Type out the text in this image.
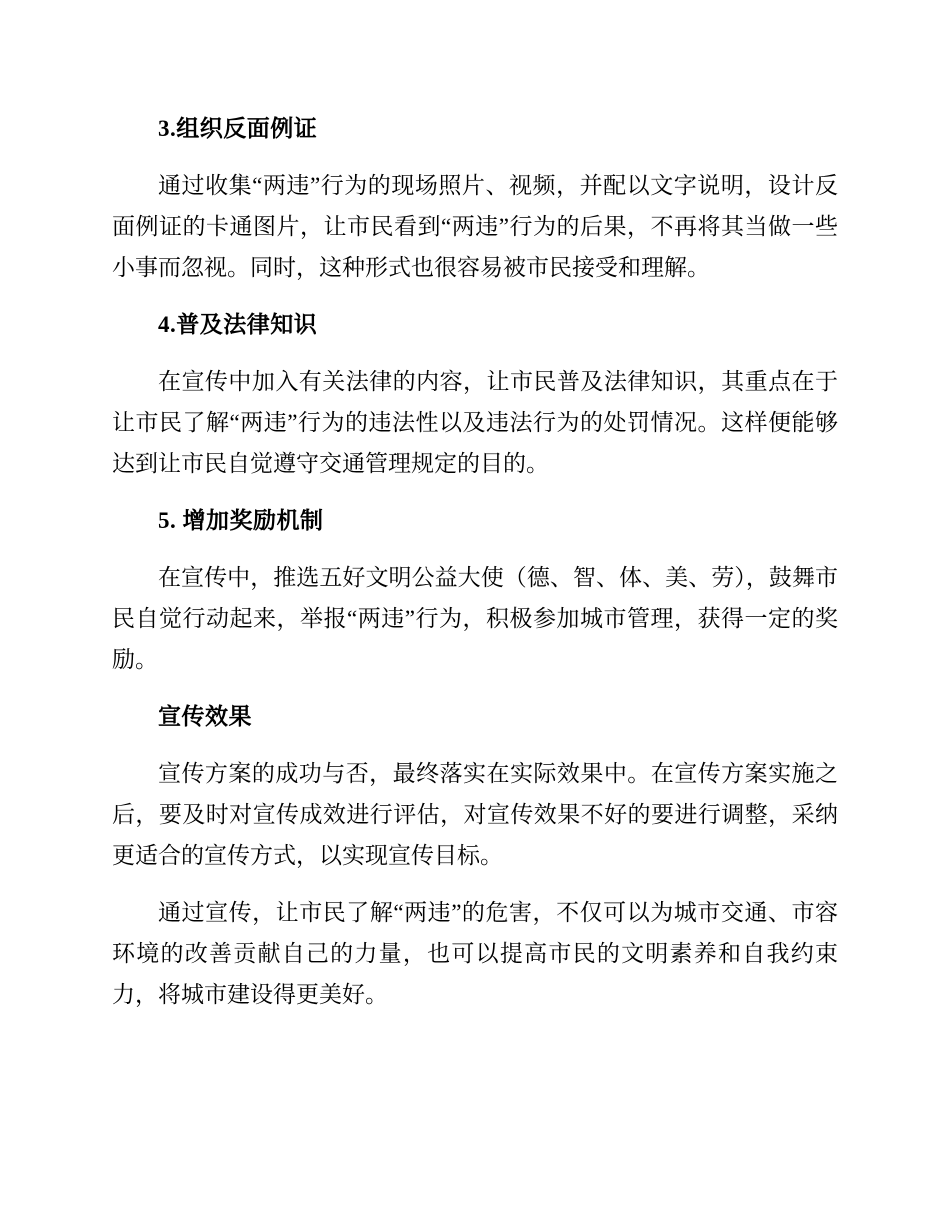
3.组织反面例证

通过收集“两违”行为的现场照片、视频，并配以文字说明，设计反面例证的卡通图片，让市民看到“两违”行为的后果，不再将其当做一些小事而忽视。同时，这种形式也很容易被市民接受和理解。

4.普及法律知识

在宣传中加入有关法律的内容，让市民普及法律知识，其重点在于让市民了解“两违”行为的违法性以及违法行为的处罚情况。这样便能够达到让市民自觉遵守交通管理规定的目的。

5. 增加奖励机制

在宣传中，推选五好文明公益大使（德、智、体、美、劳），鼓舞市民自觉行动起来，举报“两违”行为，积极参加城市管理，获得一定的奖励。

宣传效果

宣传方案的成功与否，最终落实在实际效果中。在宣传方案实施之后，要及时对宣传成效进行评估，对宣传效果不好的要进行调整，采纳更适合的宣传方式，以实现宣传目标。

通过宣传，让市民了解“两违”的危害，不仅可以为城市交通、市容环境的改善贡献自己的力量，也可以提高市民的文明素养和自我约束力，将城市建设得更美好。
